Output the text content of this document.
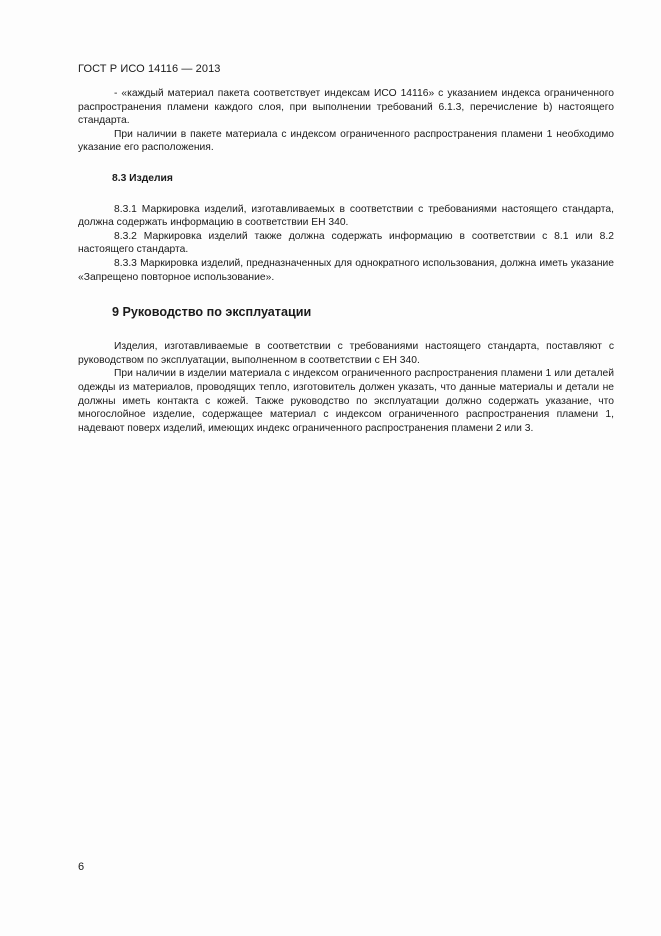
ГОСТ Р ИСО 14116 — 2013

- «каждый материал пакета соответствует индексам ИСО 14116» с указанием индекса ограниченного распространения пламени каждого слоя, при выполнении требований 6.1.3, перечисление b) настоящего стандарта.

При наличии в пакете материала с индексом ограниченного распространения пламени 1 необходимо указание его расположения.

8.3 Изделия

8.3.1 Маркировка изделий, изготавливаемых в соответствии с требованиями настоящего стандарта, должна содержать информацию в соответствии ЕН 340.

8.3.2 Маркировка изделий также должна содержать информацию в соответствии с 8.1 или 8.2 настоящего стандарта.

8.3.3 Маркировка изделий, предназначенных для однократного использования, должна иметь указание «Запрещено повторное использование».

9 Руководство по эксплуатации

Изделия, изготавливаемые в соответствии с требованиями настоящего стандарта, поставляют с руководством по эксплуатации, выполненном в соответствии с ЕН 340.

При наличии в изделии материала с индексом ограниченного распространения пламени 1 или деталей одежды из материалов, проводящих тепло, изготовитель должен указать, что данные материалы и детали не должны иметь контакта с кожей. Также руководство по эксплуатации должно содержать указание, что многослойное изделие, содержащее материал с индексом ограниченного распространения пламени 1, надевают поверх изделий, имеющих индекс ограниченного распространения пламени 2 или 3.

6
